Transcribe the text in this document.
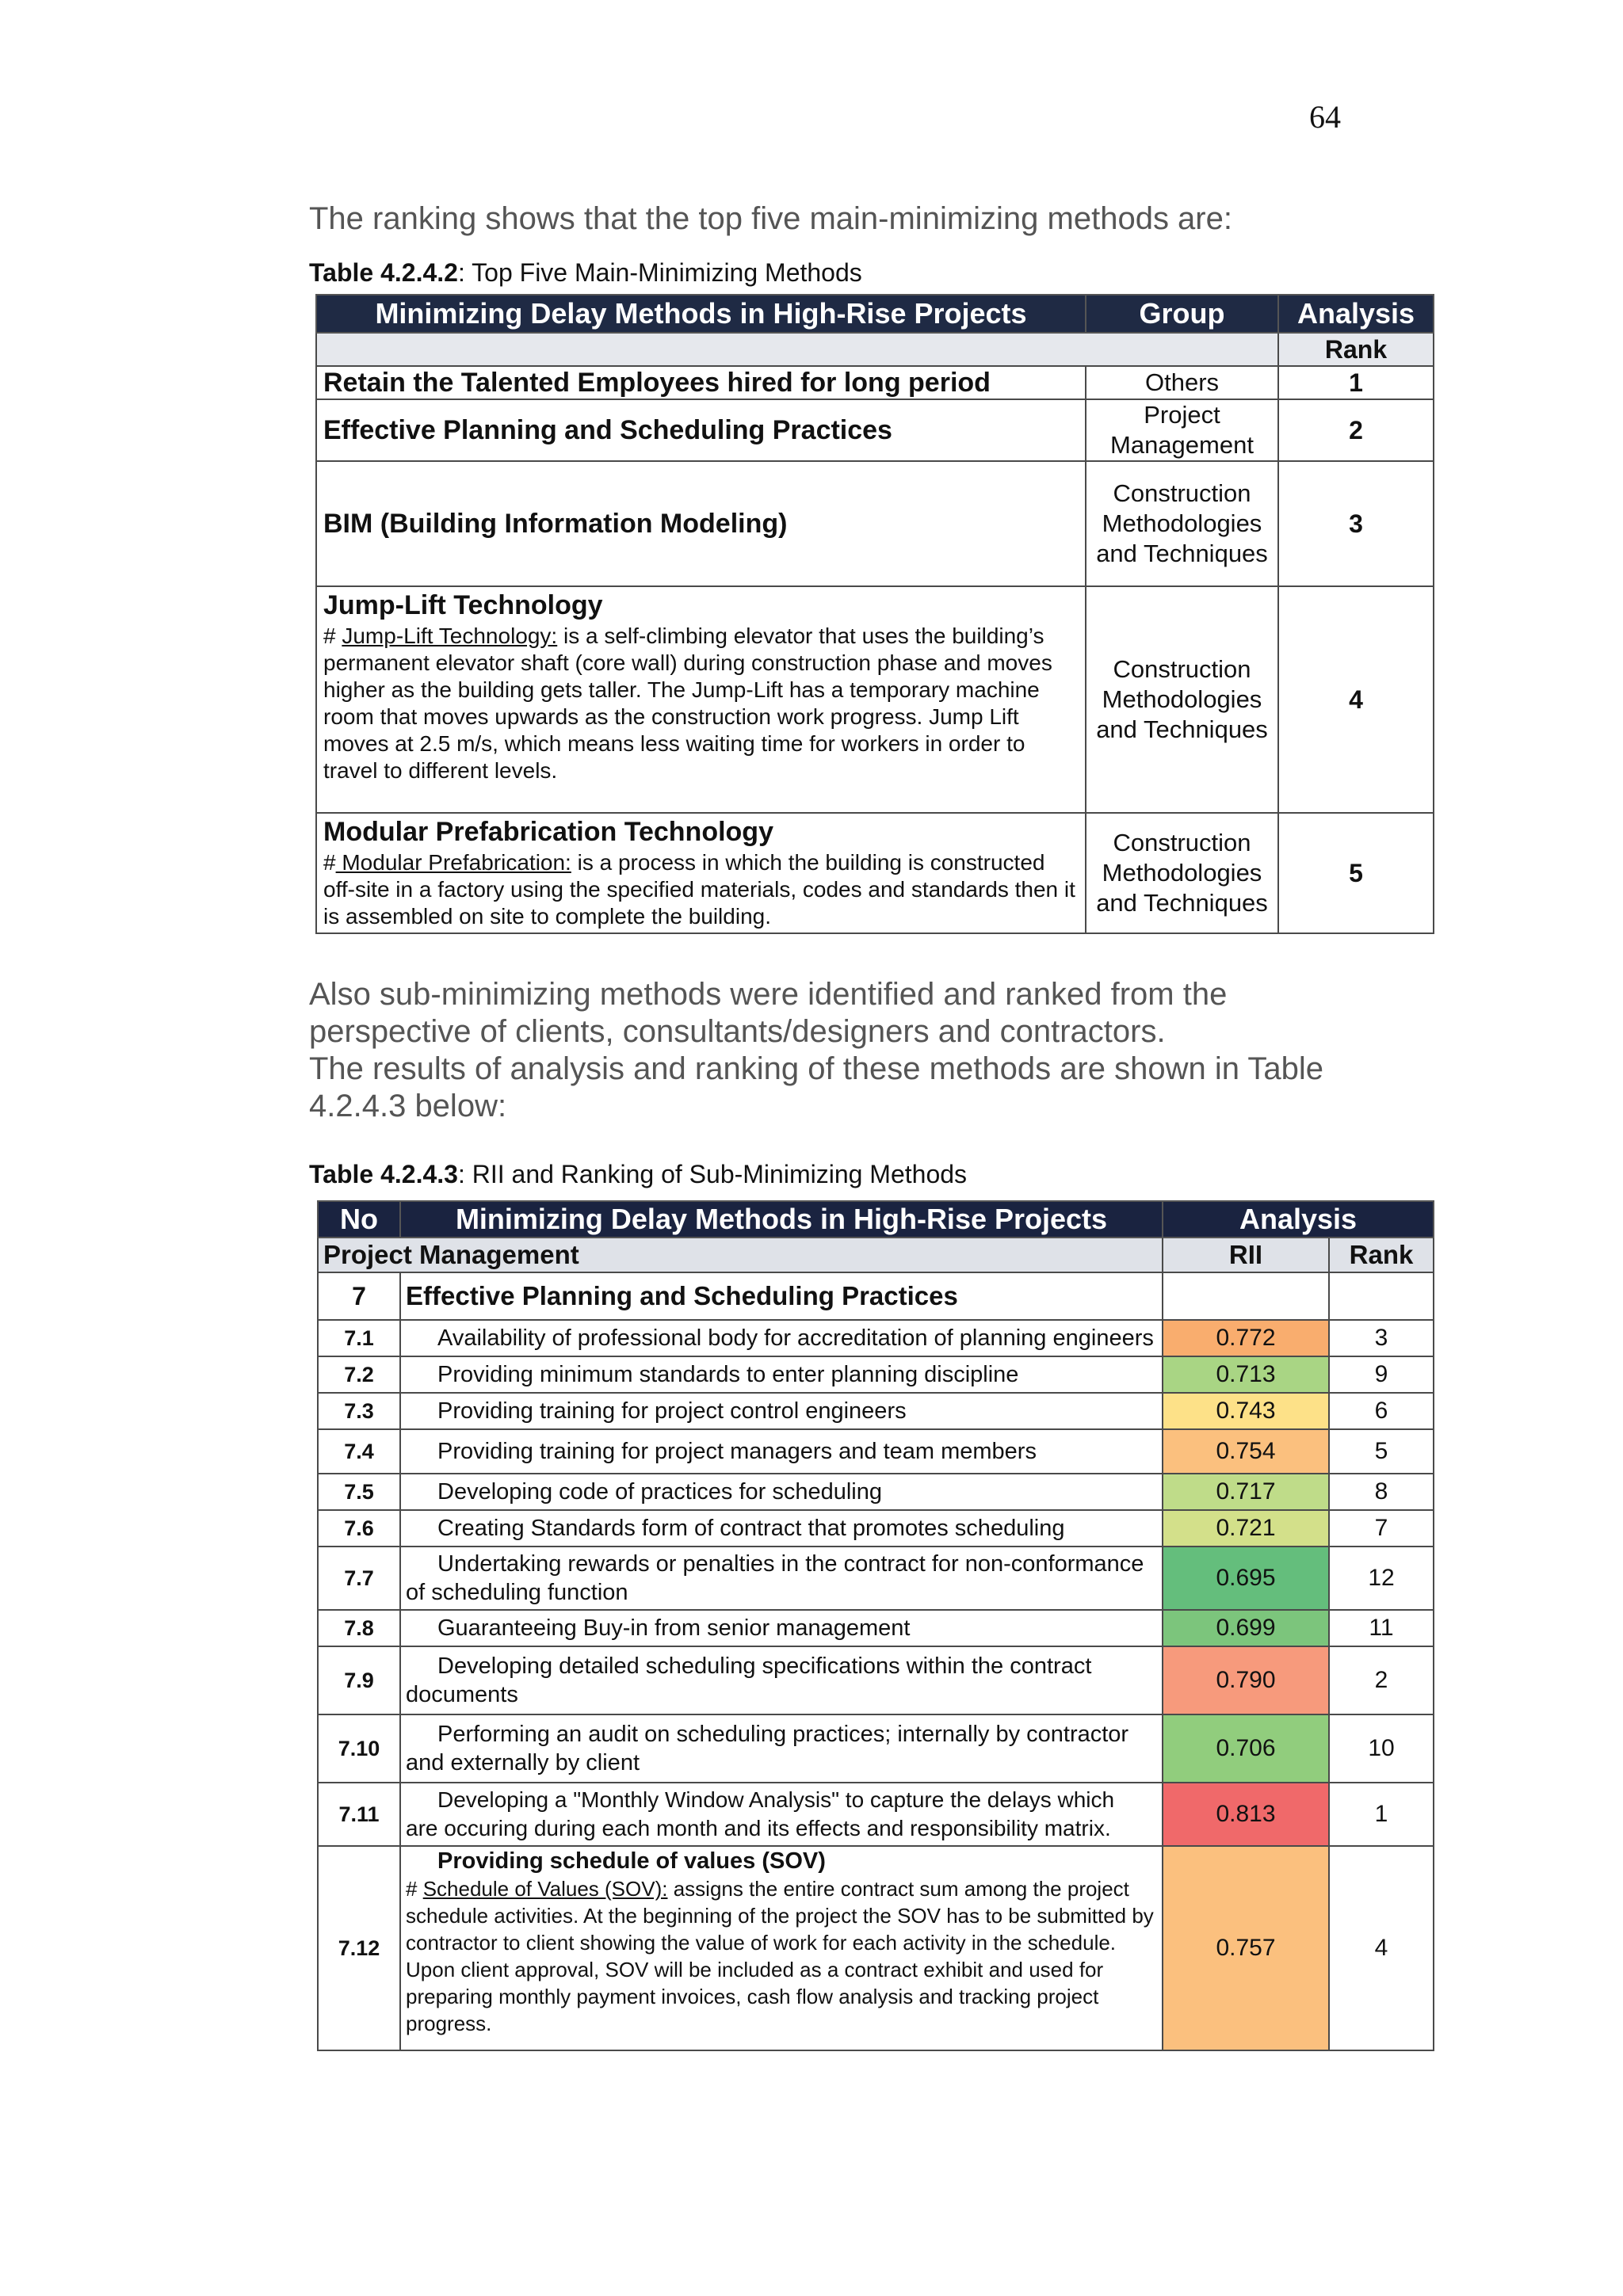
64
The ranking shows that the top five main-minimizing methods are:
Table 4.2.4.2: Top Five Main-Minimizing Methods
Minimizing Delay Methods in High-Rise Projects	Group	Analysis
		Rank
Retain the Talented Employees hired for long period	Others	1
Effective Planning and Scheduling Practices	Project Management	2
BIM (Building Information Modeling)	Construction Methodologies and Techniques	3

Jump-Lift Technology
# Jump-Lift Technology: is a self-climbing elevator that uses the building’s permanent elevator shaft (core wall) during construction phase and moves higher as the building gets taller. The Jump-Lift has a temporary machine room that moves upwards as the construction work progress. Jump Lift moves at 2.5 m/s, which means less waiting time for workers in order to travel to different levels.	Construction Methodologies and Techniques	4

Modular Prefabrication Technology
# Modular Prefabrication: is a process in which the building is constructed off-site in a factory using the specified materials, codes and standards then it is assembled on site to complete the building.	Construction Methodologies and Techniques	5
Also sub-minimizing methods were identified and ranked from the
perspective of clients, consultants/designers and contractors.
The results of analysis and ranking of these methods are shown in Table
4.2.4.3 below:
Table 4.2.4.3: RII and Ranking of Sub-Minimizing Methods
No	Minimizing Delay Methods in High-Rise Projects	Analysis	
Project Management		RII	Rank
7	Effective Planning and Scheduling Practices		
7.1	Availability of professional body for accreditation of planning engineers	0.772	3
7.2	Providing minimum standards to enter planning discipline	0.713	9
7.3	Providing training for project control engineers	0.743	6
7.4	Providing training for project managers and team members	0.754	5
7.5	Developing code of practices for scheduling	0.717	8
7.6	Creating Standards form of contract that promotes scheduling	0.721	7
7.7	Undertaking rewards or penalties in the contract for non-conformance
of scheduling function	0.695	12
7.8	Guaranteeing Buy-in from senior management	0.699	11
7.9	Developing detailed scheduling specifications within the contract
documents	0.790	2
7.10	Performing an audit on scheduling practices; internally by contractor
and externally by client	0.706	10
7.11	Developing a "Monthly Window Analysis" to capture the delays which
are occuring during each month and its effects and responsibility matrix.	0.813	1
7.12	Providing schedule of values (SOV)
# Schedule of Values (SOV): assigns the entire contract sum among the project schedule activities. At the beginning of the project the SOV has to be submitted by contractor to client showing the value of work for each activity in the schedule. Upon client approval, SOV will be included as a contract exhibit and used for preparing monthly payment invoices, cash flow analysis and tracking project progress.	0.757	4
